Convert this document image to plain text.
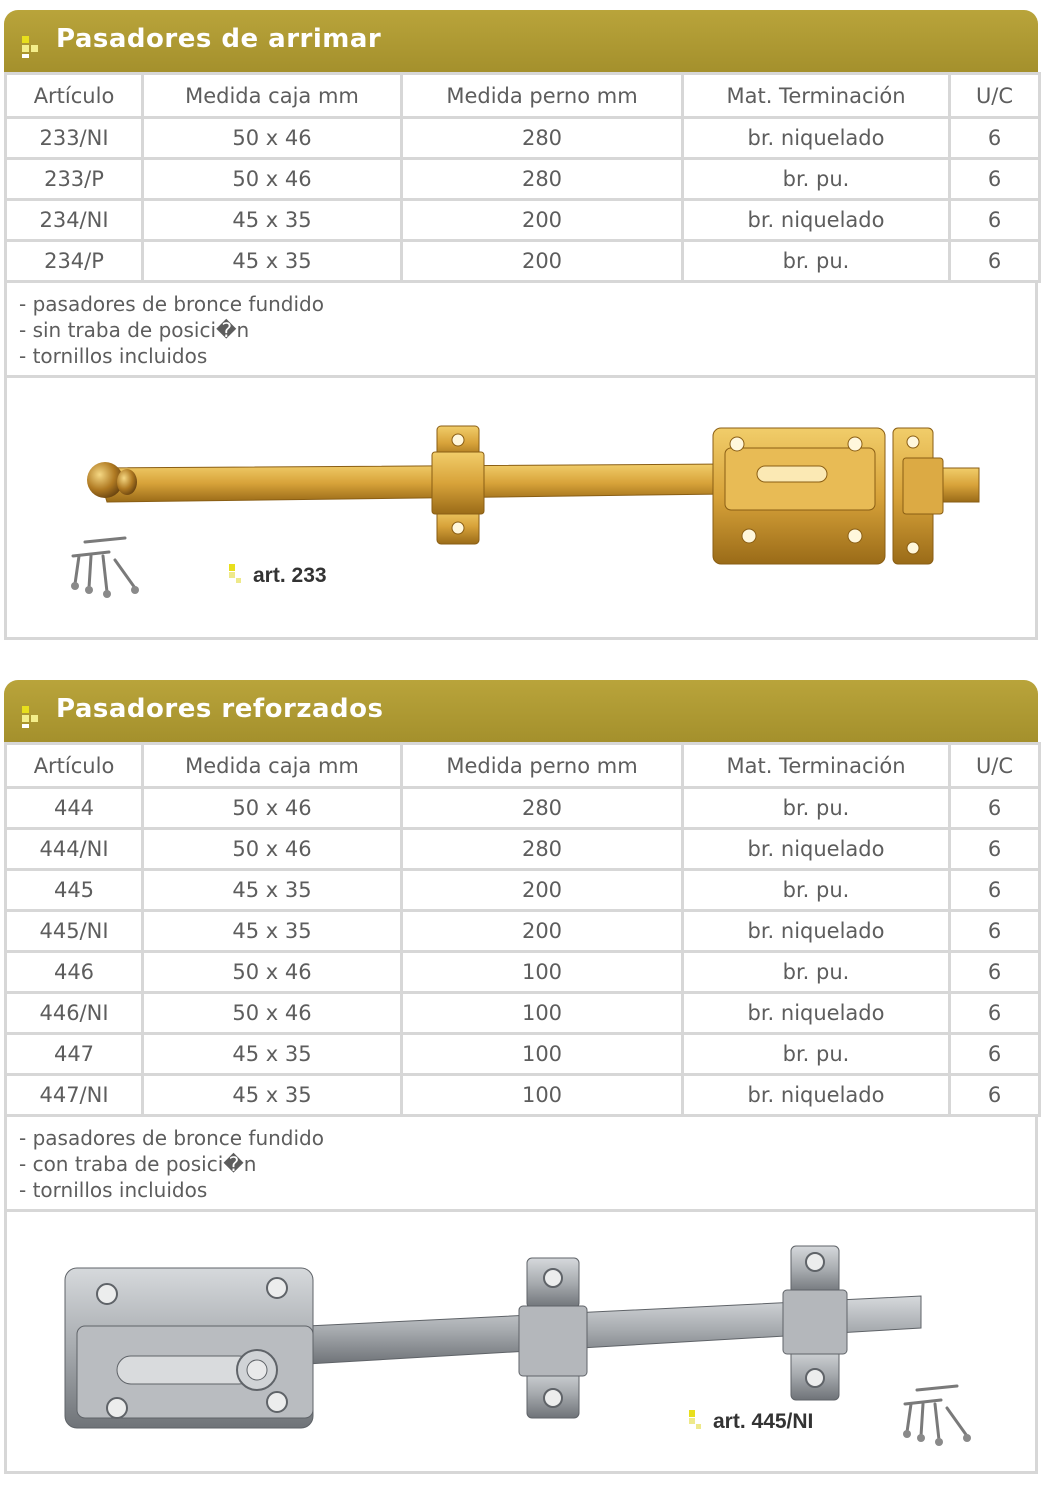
Pasadores de arrimar
Artículo	Medida caja mm	Medida perno mm	Mat. Terminación	U/C
233/NI	50 x 46	280	br. niquelado	6
233/P	50 x 46	280	br. pu.	6
234/NI	45 x 35	200	br. niquelado	6
234/P	45 x 35	200	br. pu.	6
- pasadores de bronce fundido
- sin traba de posici�n
- tornillos incluidos
art. 233
Pasadores reforzados
Artículo	Medida caja mm	Medida perno mm	Mat. Terminación	U/C
444	50 x 46	280	br. pu.	6
444/NI	50 x 46	280	br. niquelado	6
445	45 x 35	200	br. pu.	6
445/NI	45 x 35	200	br. niquelado	6
446	50 x 46	100	br. pu.	6
446/NI	50 x 46	100	br. niquelado	6
447	45 x 35	100	br. pu.	6
447/NI	45 x 35	100	br. niquelado	6
- pasadores de bronce fundido
- con traba de posici�n
- tornillos incluidos
art. 445/NI
